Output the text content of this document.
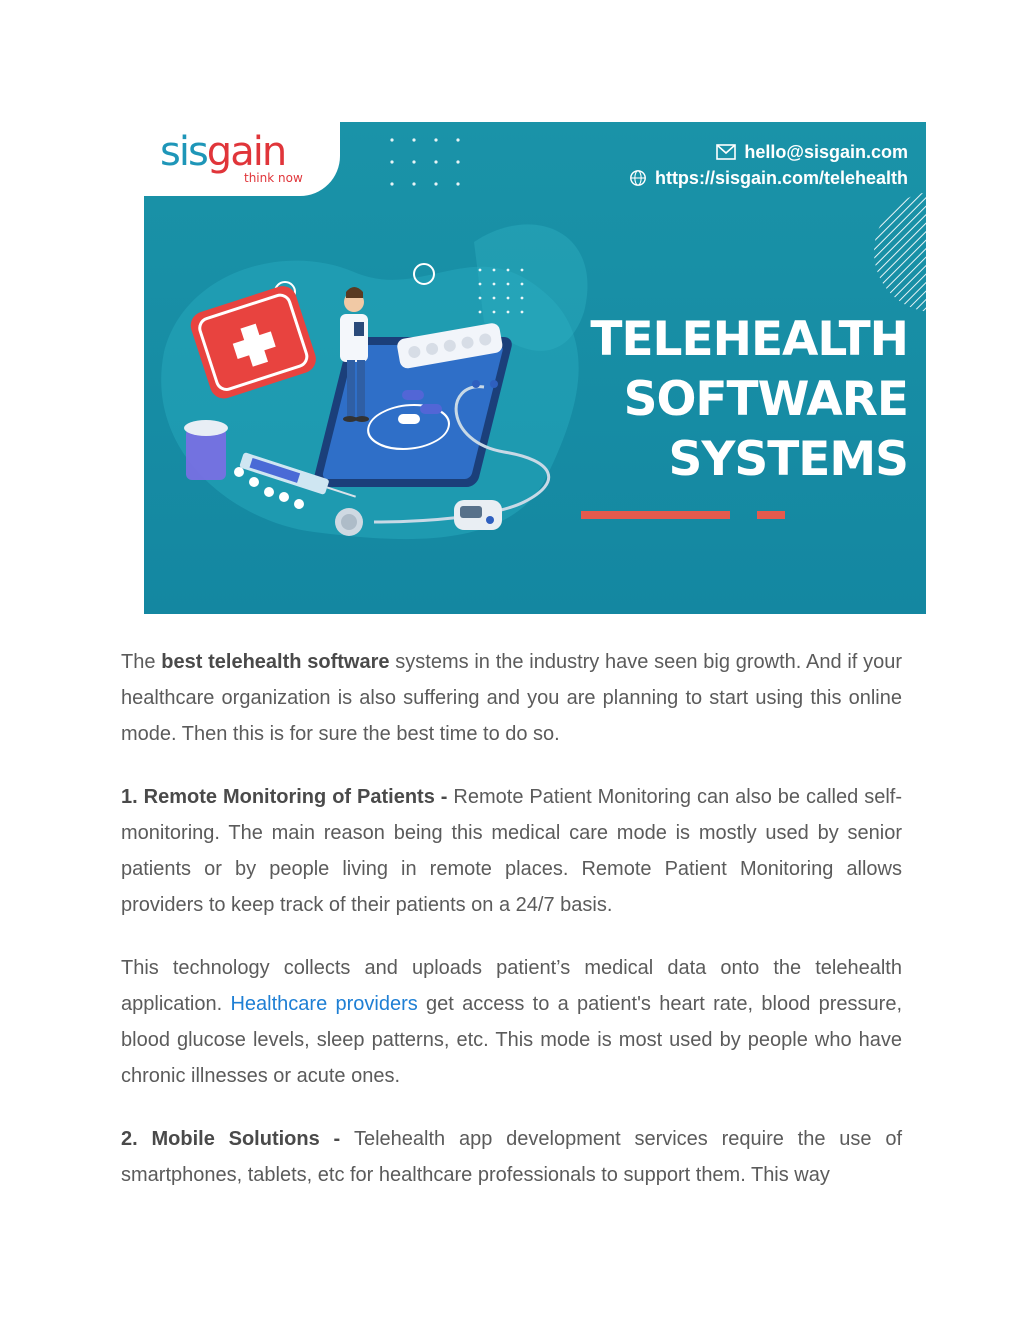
sisgain
think now
hello@sisgain.com
https://sisgain.com/telehealth
TELEHEALTH
SOFTWARE
SYSTEMS

The best telehealth software systems in the industry have seen big growth. And if your healthcare organization is also suffering and you are planning to start using this online mode. Then this is for sure the best time to do so.

1. Remote Monitoring of Patients - Remote Patient Monitoring can also be called self-monitoring. The main reason being this medical care mode is mostly used by senior patients or by people living in remote places. Remote Patient Monitoring allows providers to keep track of their patients on a 24/7 basis.

This technology collects and uploads patient’s medical data onto the telehealth application. Healthcare providers get access to a patient's heart rate, blood pressure, blood glucose levels, sleep patterns, etc. This mode is most used by people who have chronic illnesses or acute ones.

2. Mobile Solutions - Telehealth app development services require the use of smartphones, tablets, etc for healthcare professionals to support them. This way
